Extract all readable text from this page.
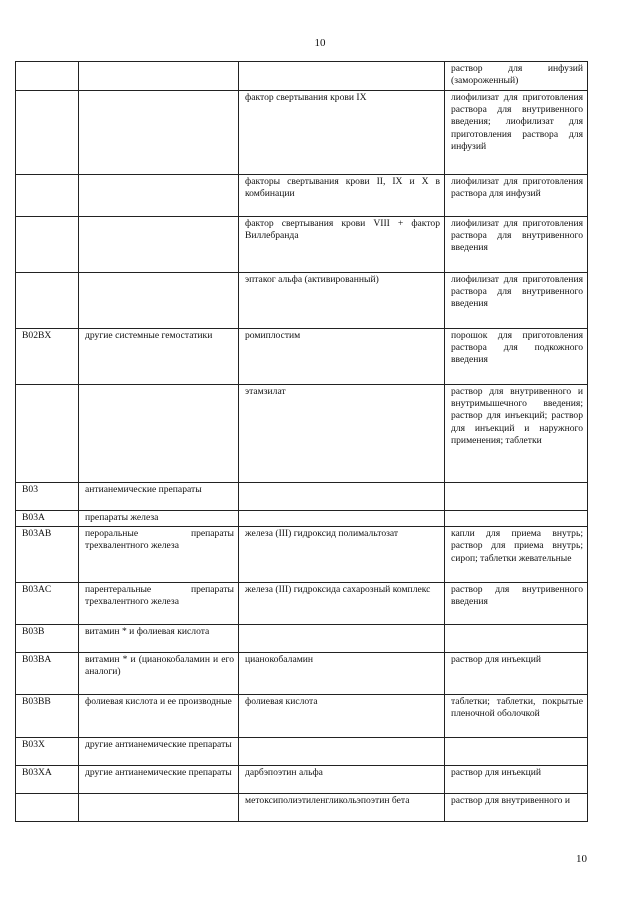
10
			раствор для инфузий (замороженный)
		фактор свертывания крови IX	лиофилизат для приготовления раствора для внутривенного введения; лиофилизат для приготовления раствора для инфузий
		факторы свертывания крови II, IX и X в комбинации	лиофилизат для приготовления раствора для инфузий
		фактор свертывания крови VIII + фактор Виллебранда	лиофилизат для приготовления раствора для внутривенного введения
		эптаког альфа (активированный)	лиофилизат для приготовления раствора для внутривенного введения
B02BX	другие системные гемостатики	ромиплостим	порошок для приготовления раствора для подкожного введения
		этамзилат	раствор для внутривенного и внутримышечного введения; раствор для инъекций; раствор для инъекций и наружного применения; таблетки
B03	антианемические препараты		
B03A	препараты железа		
B03AB	пероральные препараты трехвалентного железа	железа (III) гидроксид полимальтозат	капли для приема внутрь; раствор для приема внутрь; сироп; таблетки жевательные
B03AC	парентеральные препараты трехвалентного железа	железа (III) гидроксида сахарозный комплекс	раствор для внутривенного введения
B03B	витамин * и фолиевая кислота		
B03BA	витамин * и (цианокобаламин и его аналоги)	цианокобаламин	раствор для инъекций
B03BB	фолиевая кислота и ее производные	фолиевая кислота	таблетки; таблетки, покрытые пленочной оболочкой
B03X	другие антианемические препараты		
B03XA	другие антианемические препараты	дарбэпоэтин альфа	раствор для инъекций
		метоксиполиэтиленгликольэпоэтин бета	раствор для внутривенного и
10
